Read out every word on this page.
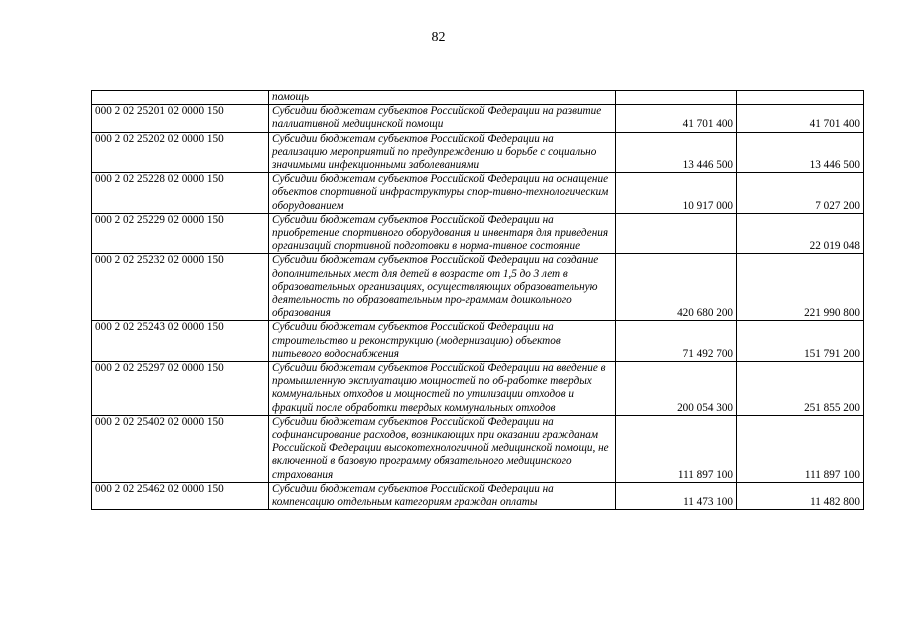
82
	помощь		
000 2 02 25201 02 0000 150	Субсидии бюджетам субъектов Российской Федерации на развитие паллиативной медицинской помощи	41 701 400	41 701 400
000 2 02 25202 02 0000 150	Субсидии бюджетам субъектов Российской Федерации на реализацию мероприятий по предупреждению и борьбе с социально значимыми инфекционными заболеваниями	13 446 500	13 446 500
000 2 02 25228 02 0000 150	Субсидии бюджетам субъектов Российской Федерации на оснащение объектов спортивной инфраструктуры спор-тивно-технологическим оборудованием	10 917 000	7 027 200
000 2 02 25229 02 0000 150	Субсидии бюджетам субъектов Российской Федерации на приобретение спортивного оборудования и инвентаря для приведения организаций спортивной подготовки в норма-тивное состояние		22 019 048
000 2 02 25232 02 0000 150	Субсидии бюджетам субъектов Российской Федерации на создание дополнительных мест для детей в возрасте от 1,5 до 3 лет в образовательных организациях, осуществляющих образовательную деятельность по образовательным про-граммам дошкольного образования	420 680 200	221 990 800
000 2 02 25243 02 0000 150	Субсидии бюджетам субъектов Российской Федерации на строительство и реконструкцию (модернизацию) объектов питьевого водоснабжения	71 492 700	151 791 200
000 2 02 25297 02 0000 150	Субсидии бюджетам субъектов Российской Федерации на введение в промышленную эксплуатацию мощностей по об-работке твердых коммунальных отходов и мощностей по утилизации отходов и фракций после обработки твердых коммунальных отходов	200 054 300	251 855 200
000 2 02 25402 02 0000 150	Субсидии бюджетам субъектов Российской Федерации на софинансирование расходов, возникающих при оказании гражданам Российской Федерации высокотехнологичной медицинской помощи, не включенной в базовую программу обязательного медицинского страхования	111 897 100	111 897 100
000 2 02 25462 02 0000 150	Субсидии бюджетам субъектов Российской Федерации на компенсацию отдельным категориям граждан оплаты	11 473 100	11 482 800
